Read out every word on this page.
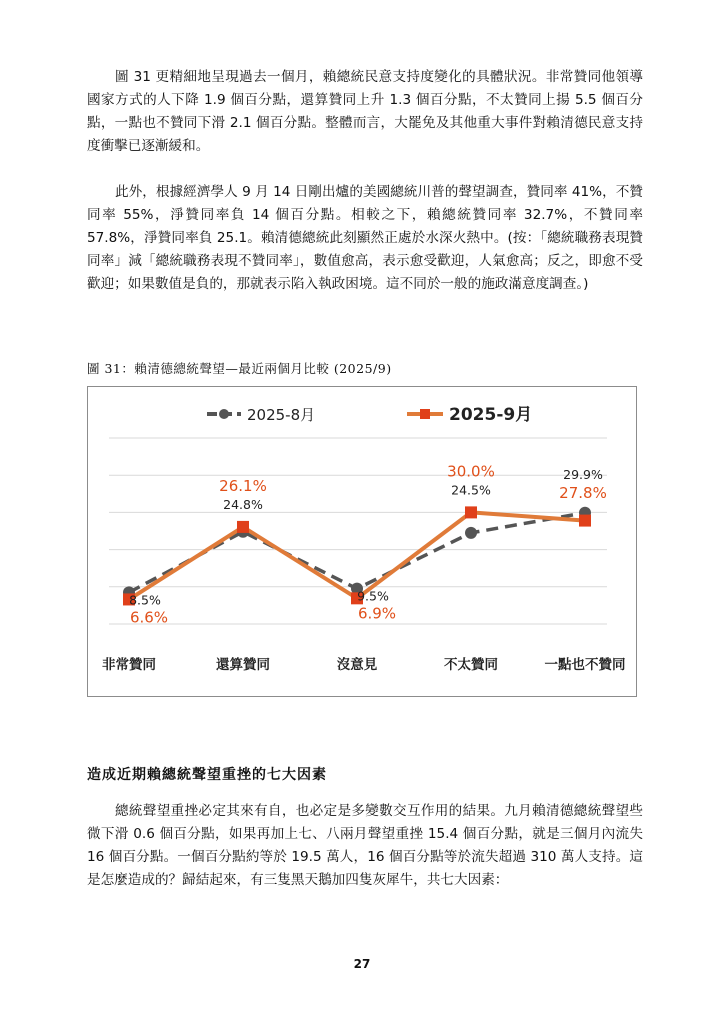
圖 31 更精細地呈現過去一個月，賴總統民意支持度變化的具體狀況。非常贊同他領導國家方式的人下降 1.9 個百分點，還算贊同上升 1.3 個百分點，不太贊同上揚 5.5 個百分點，一點也不贊同下滑 2.1 個百分點。整體而言，大罷免及其他重大事件對賴清德民意支持度衝擊已逐漸緩和。

此外，根據經濟學人 9 月 14 日剛出爐的美國總統川普的聲望調查，贊同率 41%，不贊同率 55%，淨贊同率負 14 個百分點。相較之下，賴總統贊同率 32.7%，不贊同率 57.8%，淨贊同率負 25.1。賴清德總統此刻顯然正處於水深火熱中。(按：「總統職務表現贊同率」減「總統職務表現不贊同率」，數值愈高，表示愈受歡迎，人氣愈高；反之，即愈不受歡迎；如果數值是負的，那就表示陷入執政困境。這不同於一般的施政滿意度調查。)

圖 31：賴清德總統聲望—最近兩個月比較 (2025/9)
2025-8月	2025-9月
8.5%
6.6%
24.8%
26.1%
9.5%
6.9%
24.5%
30.0%	29.9%
27.8%
非常贊同	還算贊同	沒意見	不太贊同	一點也不贊同
造成近期賴總統聲望重挫的七大因素

總統聲望重挫必定其來有自，也必定是多變數交互作用的結果。九月賴清德總統聲望些微下滑 0.6 個百分點，如果再加上七、八兩月聲望重挫 15.4 個百分點，就是三個月內流失 16 個百分點。一個百分點約等於 19.5 萬人，16 個百分點等於流失超過 310 萬人支持。這是怎麼造成的？歸結起來，有三隻黑天鵝加四隻灰犀牛，共七大因素：

27
